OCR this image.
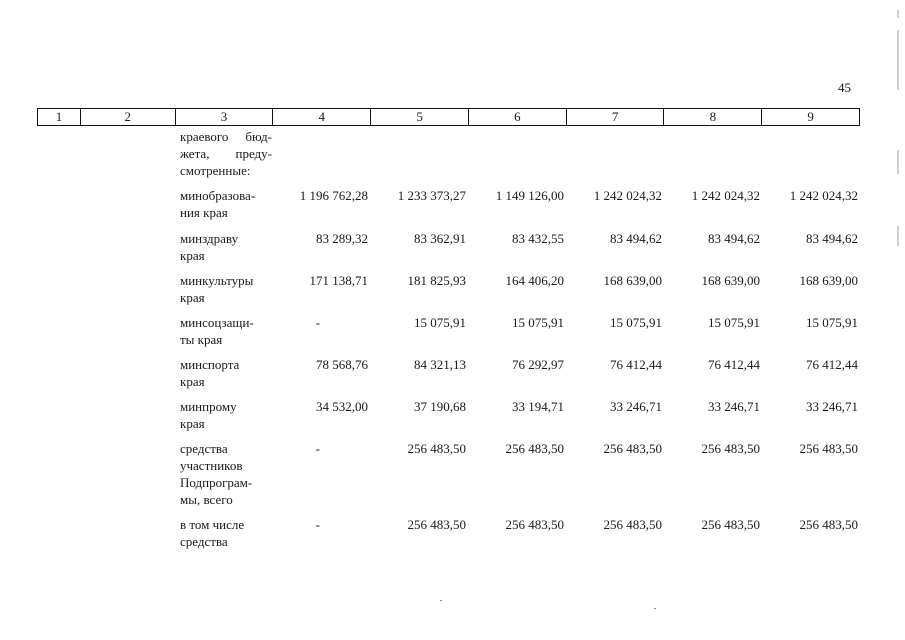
45
1	2	3	4	5	6	7	8	9
краевого бюд-
жета, преду-
смотренные:
минобразова-
ния края
1 196 762,28	1 233 373,27	1 149 126,00	1 242 024,32	1 242 024,32	1 242 024,32
минздраву
края
83 289,32	83 362,91	83 432,55	83 494,62	83 494,62	83 494,62
минкультуры
края
171 138,71	181 825,93	164 406,20	168 639,00	168 639,00	168 639,00
минсоцзащи-
ты края
-	15 075,91	15 075,91	15 075,91	15 075,91	15 075,91
минспорта
края
78 568,76	84 321,13	76 292,97	76 412,44	76 412,44	76 412,44
минпрому
края
34 532,00	37 190,68	33 194,71	33 246,71	33 246,71	33 246,71
средства
участников
Подпрограм-
мы, всего
-	256 483,50	256 483,50	256 483,50	256 483,50	256 483,50
в том числе
средства
-	256 483,50	256 483,50	256 483,50	256 483,50	256 483,50
